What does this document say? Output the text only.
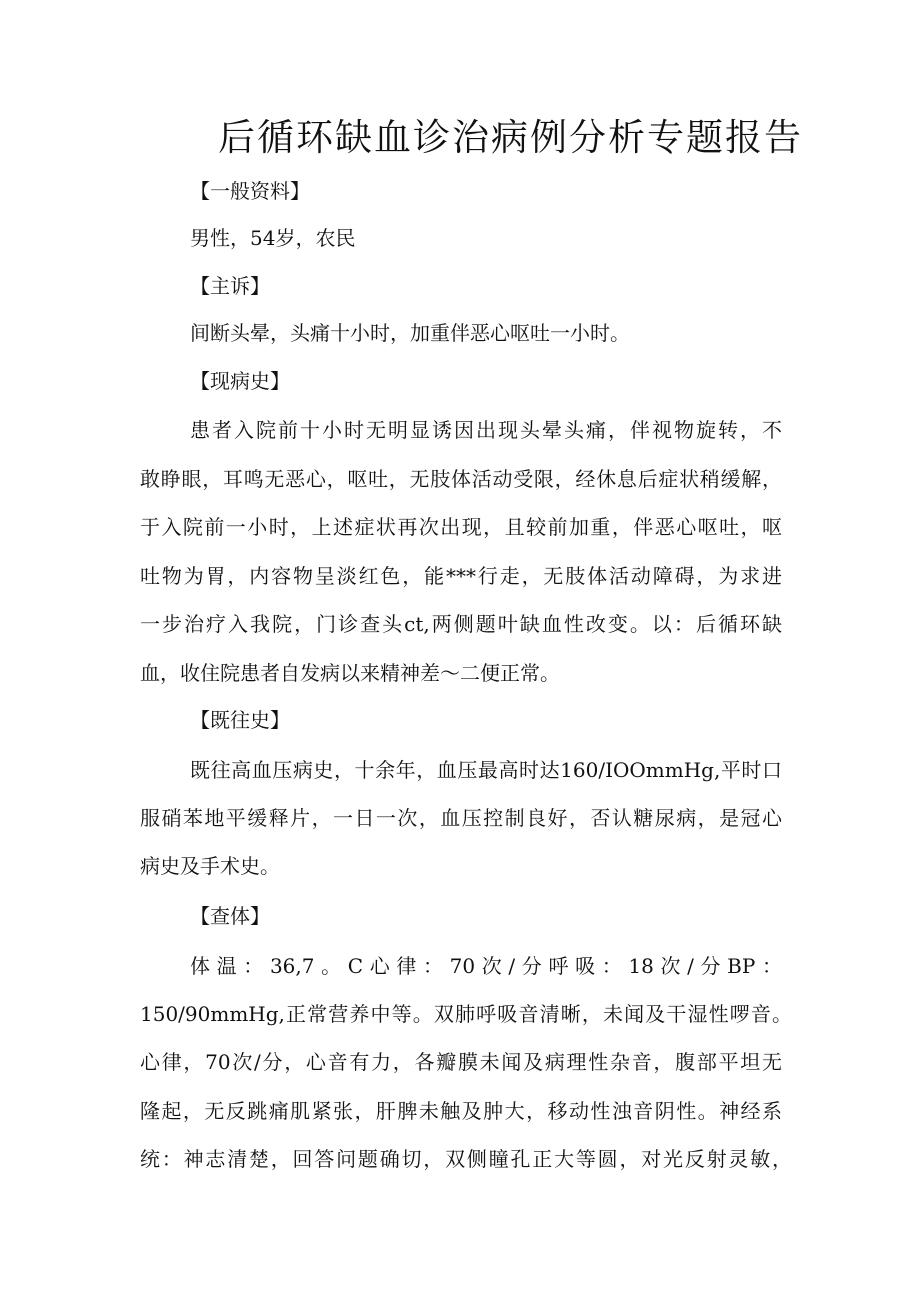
后循环缺血诊治病例分析专题报告

【一般资料】

男性，54岁，农民

【主诉】

间断头晕，头痛十小时，加重伴恶心呕吐一小时。

【现病史】

患者入院前十小时无明显诱因出现头晕头痛，伴视物旋转，不

敢睁眼，耳鸣无恶心，呕吐，无肢体活动受限，经休息后症状稍缓解，

于入院前一小时，上述症状再次出现，且较前加重，伴恶心呕吐，呕

吐物为胃，内容物呈淡红色，能***行走，无肢体活动障碍，为求进

一步治疗入我院，门诊查头ct,两侧题叶缺血性改变。以：后循环缺

血，收住院患者自发病以来精神差～二便正常。

【既往史】

既往高血压病史，十余年，血压最高时达160/IOOmmHg,平时口

服硝苯地平缓释片，一日一次，血压控制良好，否认糖尿病，是冠心

病史及手术史。

【查体】

体温：36,7。C心律：70次/分呼吸：18次/分BP：

150/90mmHg,正常营养中等。双肺呼吸音清晰，未闻及干湿性啰音。

心律，70次/分，心音有力，各瓣膜未闻及病理性杂音，腹部平坦无

隆起，无反跳痛肌紧张，肝脾未触及肿大，移动性浊音阴性。神经系

统：神志清楚，回答问题确切，双侧瞳孔正大等圆，对光反射灵敏，
